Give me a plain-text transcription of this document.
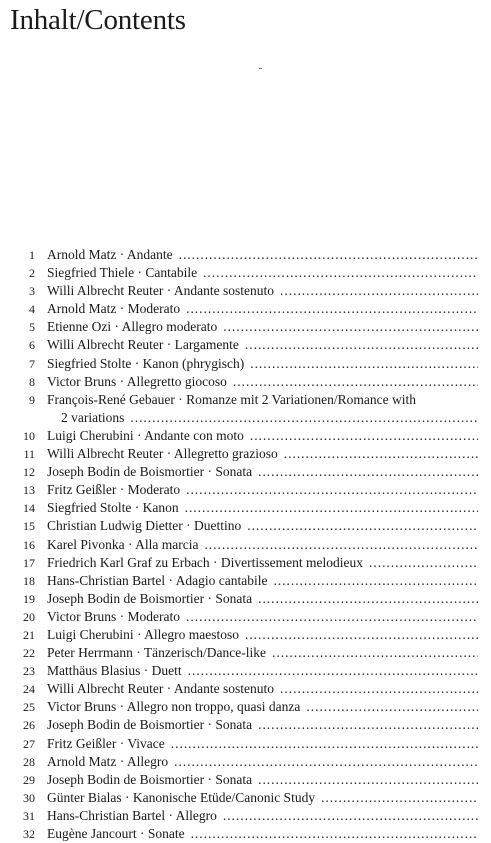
Inhalt/Contents
1 Arnold Matz · Andante
. . .
2 Siegfried Thiele · Cantabile
. . .
3 Willi Albrecht Reuter · Andante sostenuto
. . .
4 Arnold Matz · Moderato
. . .
5 Etienne Ozi · Allegro moderato
. . .
6 Willi Albrecht Reuter · Largamente
. . .
7 Siegfried Stolte · Kanon (phrygisch)
. . .
8 Victor Bruns · Allegretto giocoso
. . .
9 François-René Gebauer · Romanze mit 2 Variationen/Romance with
2 variations
. . .
10 Luigi Cherubini · Andante con moto
. . .
11 Willi Albrecht Reuter · Allegretto grazioso
. . .
12 Joseph Bodin de Boismortier · Sonata
. . .
13 Fritz Geißler · Moderato
. . .
14 Siegfried Stolte · Kanon
. . .
15 Christian Ludwig Dietter · Duettino
. . .
16 Karel Pivonka · Alla marcia
. . .
17 Friedrich Karl Graf zu Erbach · Divertissement melodieux
. . .
18 Hans-Christian Bartel · Adagio cantabile
. . .
19 Joseph Bodin de Boismortier · Sonata
. . .
20 Victor Bruns · Moderato
. . .
21 Luigi Cherubini · Allegro maestoso
. . .
22 Peter Herrmann · Tänzerisch/Dance-like
. . .
23 Matthäus Blasius · Duett
. . .
24 Willi Albrecht Reuter · Andante sostenuto
. . .
25 Victor Bruns · Allegro non troppo, quasi danza
. . .
26 Joseph Bodin de Boismortier · Sonata
. . .
27 Fritz Geißler · Vivace
. . .
28 Arnold Matz · Allegro
. . .
29 Joseph Bodin de Boismortier · Sonata
. . .
30 Günter Bialas · Kanonische Etüde/Canonic Study
. . .
31 Hans-Christian Bartel · Allegro
. . .
32 Eugène Jancourt · Sonate
. . .
